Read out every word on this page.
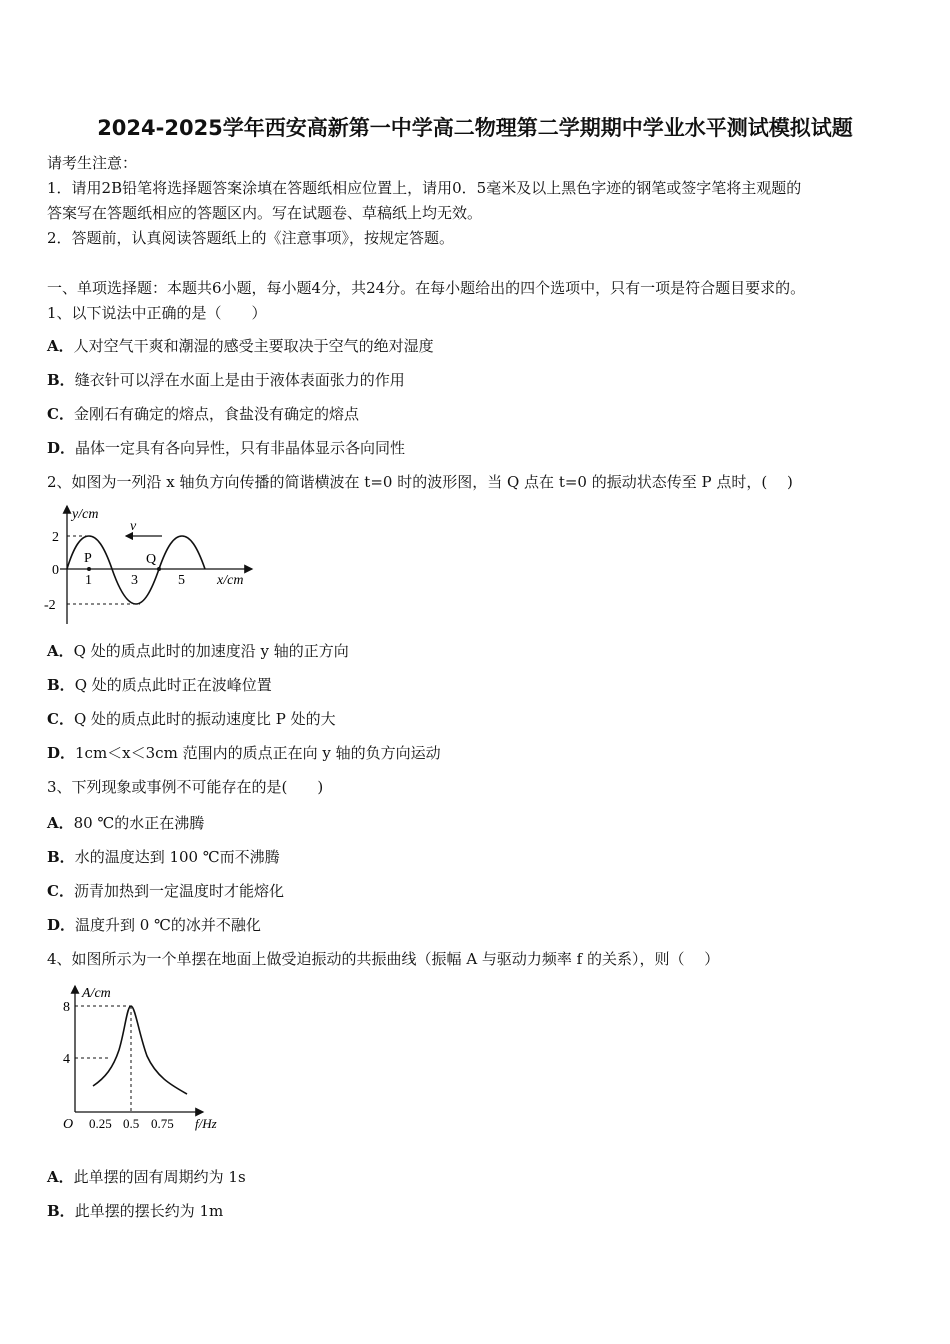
2024-2025学年西安高新第一中学高二物理第二学期期中学业水平测试模拟试题
请考生注意：
1．请用2B铅笔将选择题答案涂填在答题纸相应位置上，请用0．5毫米及以上黑色字迹的钢笔或签字笔将主观题的
答案写在答题纸相应的答题区内。写在试题卷、草稿纸上均无效。
2．答题前，认真阅读答题纸上的《注意事项》，按规定答题。
一、单项选择题：本题共6小题，每小题4分，共24分。在每小题给出的四个选项中，只有一项是符合题目要求的。
1、以下说法中正确的是（　　）
A．人对空气干爽和潮湿的感受主要取决于空气的绝对湿度
B．缝衣针可以浮在水面上是由于液体表面张力的作用
C．金刚石有确定的熔点，食盐没有确定的熔点
D．晶体一定具有各向异性，只有非晶体显示各向同性
2、如图为一列沿 x 轴负方向传播的简谐横波在 t=0 时的波形图，当 Q 点在 t=0 的振动状态传至 P 点时，(　 )
v
y/cm
x/cm
2
0
-2
1	3	5
P	Q
A．Q 处的质点此时的加速度沿 y 轴的正方向
B．Q 处的质点此时正在波峰位置
C．Q 处的质点此时的振动速度比 P 处的大
D．1cm＜x＜3cm 范围内的质点正在向 y 轴的负方向运动
3、下列现象或事例不可能存在的是(　　)
A．80 ℃的水正在沸腾
B．水的温度达到 100 ℃而不沸腾
C．沥青加热到一定温度时才能熔化
D．温度升到 0 ℃的冰并不融化
4、如图所示为一个单摆在地面上做受迫振动的共振曲线（振幅 A 与驱动力频率 f 的关系），则（　 ）
A/cm
f/Hz
O
8
4
0.25 0.5 0.75
A．此单摆的固有周期约为 1s
B．此单摆的摆长约为 1m
